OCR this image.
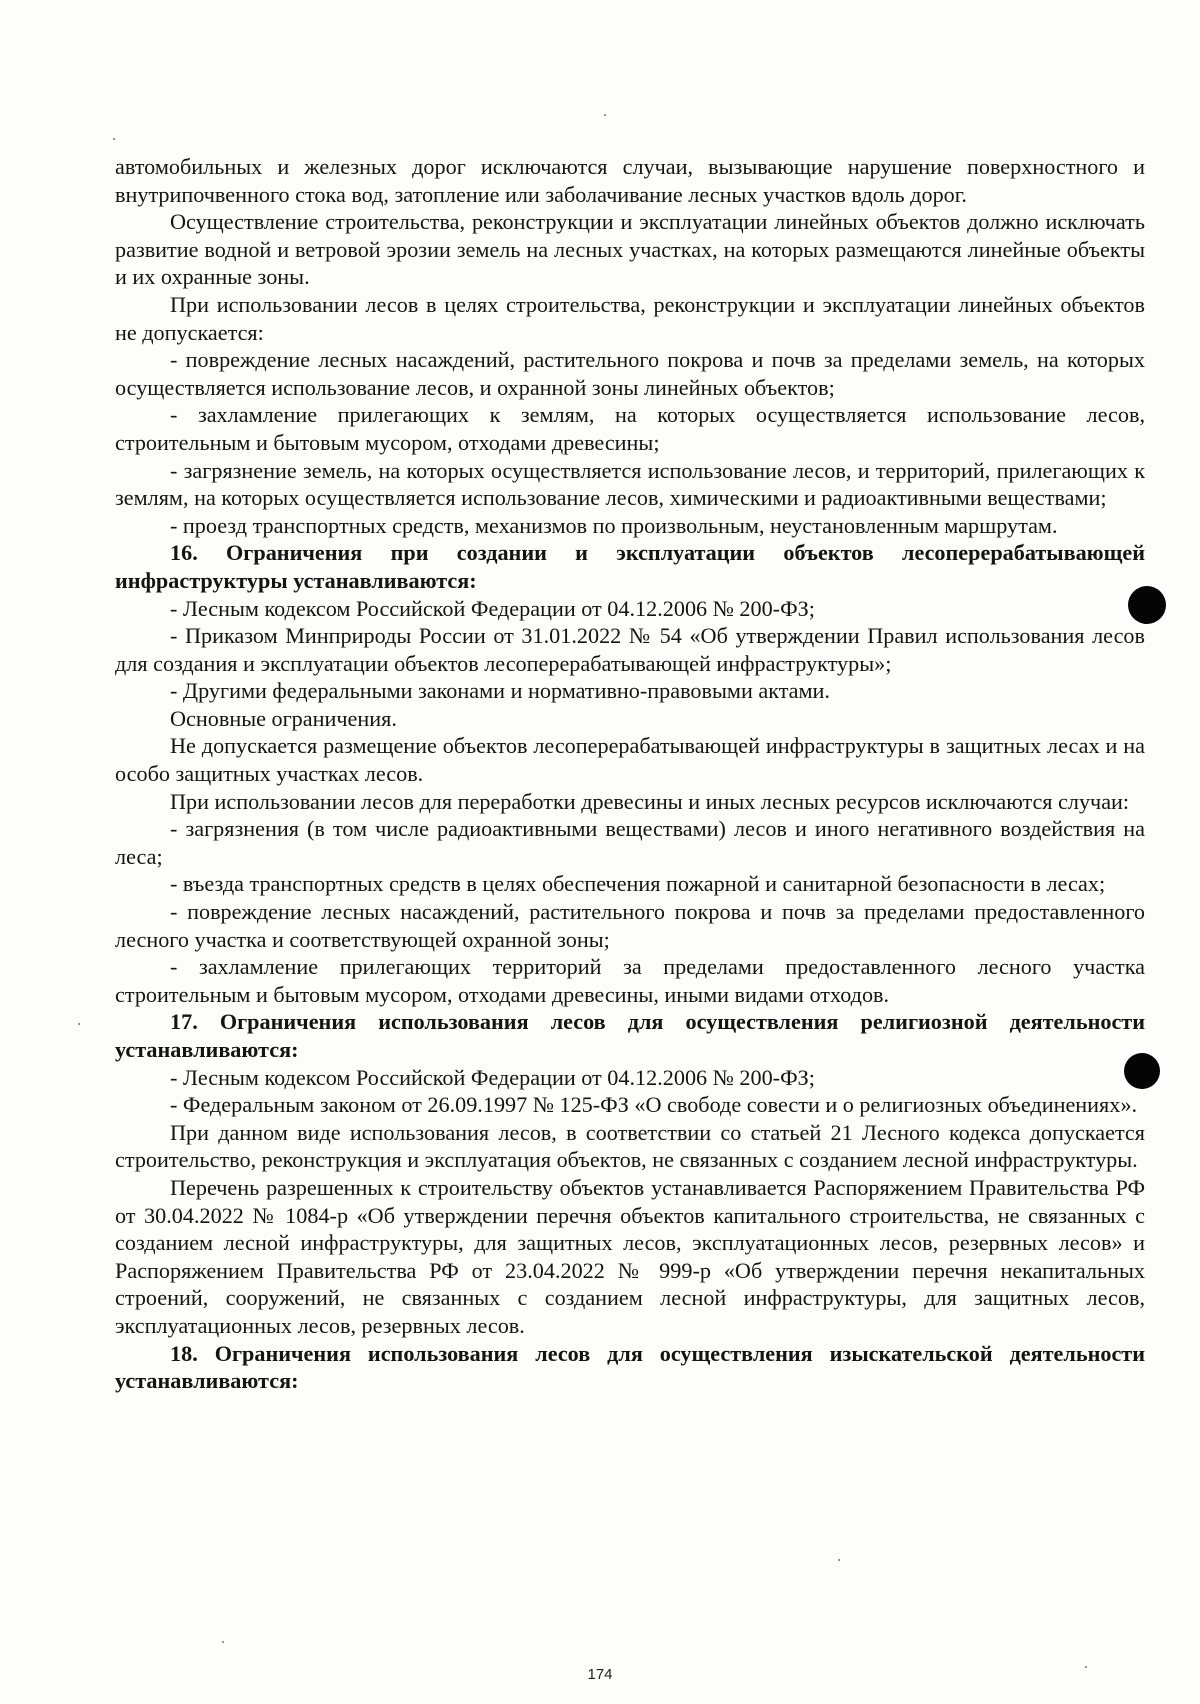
автомобильных и железных дорог исключаются случаи, вызывающие нарушение поверхностного и внутрипочвенного стока вод, затопление или заболачивание лесных участков вдоль дорог.

Осуществление строительства, реконструкции и эксплуатации линейных объектов должно исключать развитие водной и ветровой эрозии земель на лесных участках, на которых размещаются линейные объекты и их охранные зоны.

При использовании лесов в целях строительства, реконструкции и эксплуатации линейных объектов не допускается:

- повреждение лесных насаждений, растительного покрова и почв за пределами земель, на которых осуществляется использование лесов, и охранной зоны линейных объектов;

- захламление прилегающих к землям, на которых осуществляется использование лесов, строительным и бытовым мусором, отходами древесины;

- загрязнение земель, на которых осуществляется использование лесов, и территорий, прилегающих к землям, на которых осуществляется использование лесов, химическими и радиоактивными веществами;

- проезд транспортных средств, механизмов по произвольным, неустановленным маршрутам.

16. Ограничения при создании и эксплуатации объектов лесоперерабатывающей инфраструктуры устанавливаются:

- Лесным кодексом Российской Федерации от 04.12.2006 № 200-ФЗ;

- Приказом Минприроды России от 31.01.2022 № 54 «Об утверждении Правил использования лесов для создания и эксплуатации объектов лесоперерабатывающей инфраструктуры»;

- Другими федеральными законами и нормативно-правовыми актами.

Основные ограничения.

Не допускается размещение объектов лесоперерабатывающей инфраструктуры в защитных лесах и на особо защитных участках лесов.

При использовании лесов для переработки древесины и иных лесных ресурсов исключаются случаи:

- загрязнения (в том числе радиоактивными веществами) лесов и иного негативного воздействия на леса;

- въезда транспортных средств в целях обеспечения пожарной и санитарной безопасности в лесах;

- повреждение лесных насаждений, растительного покрова и почв за пределами предоставленного лесного участка и соответствующей охранной зоны;

- захламление прилегающих территорий за пределами предоставленного лесного участка строительным и бытовым мусором, отходами древесины, иными видами отходов.

17. Ограничения использования лесов для осуществления религиозной деятельности устанавливаются:

- Лесным кодексом Российской Федерации от 04.12.2006 № 200-ФЗ;

- Федеральным законом от 26.09.1997 № 125-ФЗ «О свободе совести и о религиозных объединениях».

При данном виде использования лесов, в соответствии со статьей 21 Лесного кодекса допускается строительство, реконструкция и эксплуатация объектов, не связанных с созданием лесной инфраструктуры.

Перечень разрешенных к строительству объектов устанавливается Распоряжением Правительства РФ от 30.04.2022 № 1084-р «Об утверждении перечня объектов капитального строительства, не связанных с созданием лесной инфраструктуры, для защитных лесов, эксплуатационных лесов, резервных лесов» и Распоряжением Правительства РФ от 23.04.2022 № 999-р «Об утверждении перечня некапитальных строений, сооружений, не связанных с созданием лесной инфраструктуры, для защитных лесов, эксплуатационных лесов, резервных лесов.

18. Ограничения использования лесов для осуществления изыскательской деятельности устанавливаются:

174
